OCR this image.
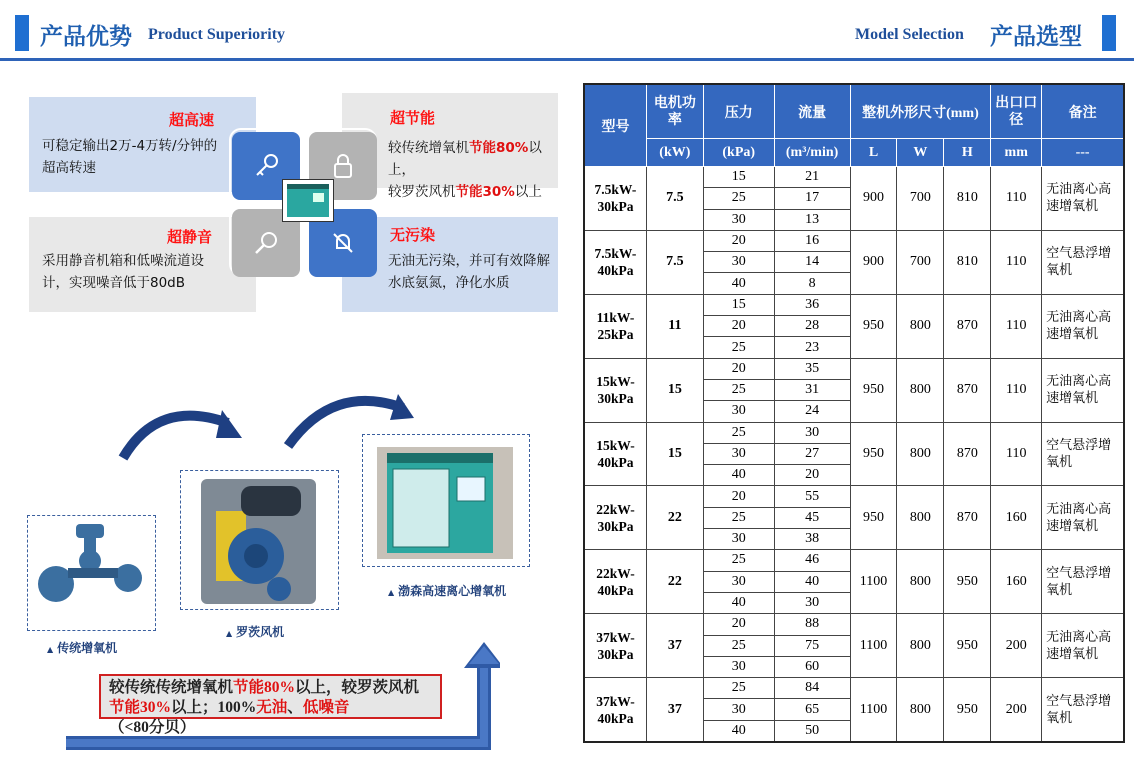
产品优势 Product Superiority	Model Selection 产品选型
超高速
可稳定输出2万-4万转/分钟的超高转速
超节能
较传统增氧机节能80%以上，
较罗茨风机节能30%以上
超静音
采用静音机箱和低噪流道设计，实现噪音低于80dB
无污染
无油无污染，并可有效降解水底氨氮，净化水质
▲ 传统增氧机
▲ 罗茨风机
▲ 渤森高速离心增氧机
较传统传统增氧机节能80%以上，较罗茨风机节能30%以上；100%无油、低噪音（<80分贝）
型号	电机功率	压力	流量	整机外形尺寸(mm)			出口口径	备注
	(kW)	(kPa)	(m³/min)	L	W	H	mm	---
7.5kW-30kPa	7.5	15	21	900	700	810	110	无油离心高速增氧机
		25	17					
		30	13					
7.5kW-40kPa	7.5	20	16	900	700	810	110	空气悬浮增氧机
		30	14					
		40	8					
11kW-25kPa	11	15	36	950	800	870	110	无油离心高速增氧机
		20	28					
		25	23					
15kW-30kPa	15	20	35	950	800	870	110	无油离心高速增氧机
		25	31					
		30	24					
15kW-40kPa	15	25	30	950	800	870	110	空气悬浮增氧机
		30	27					
		40	20					
22kW-30kPa	22	20	55	950	800	870	160	无油离心高速增氧机
		25	45					
		30	38					
22kW-40kPa	22	25	46	1100	800	950	160	空气悬浮增氧机
		30	40					
		40	30					
37kW-30kPa	37	20	88	1100	800	950	200	无油离心高速增氧机
		25	75					
		30	60					
37kW-40kPa	37	25	84	1100	800	950	200	空气悬浮增氧机
		30	65					
		40	50					
